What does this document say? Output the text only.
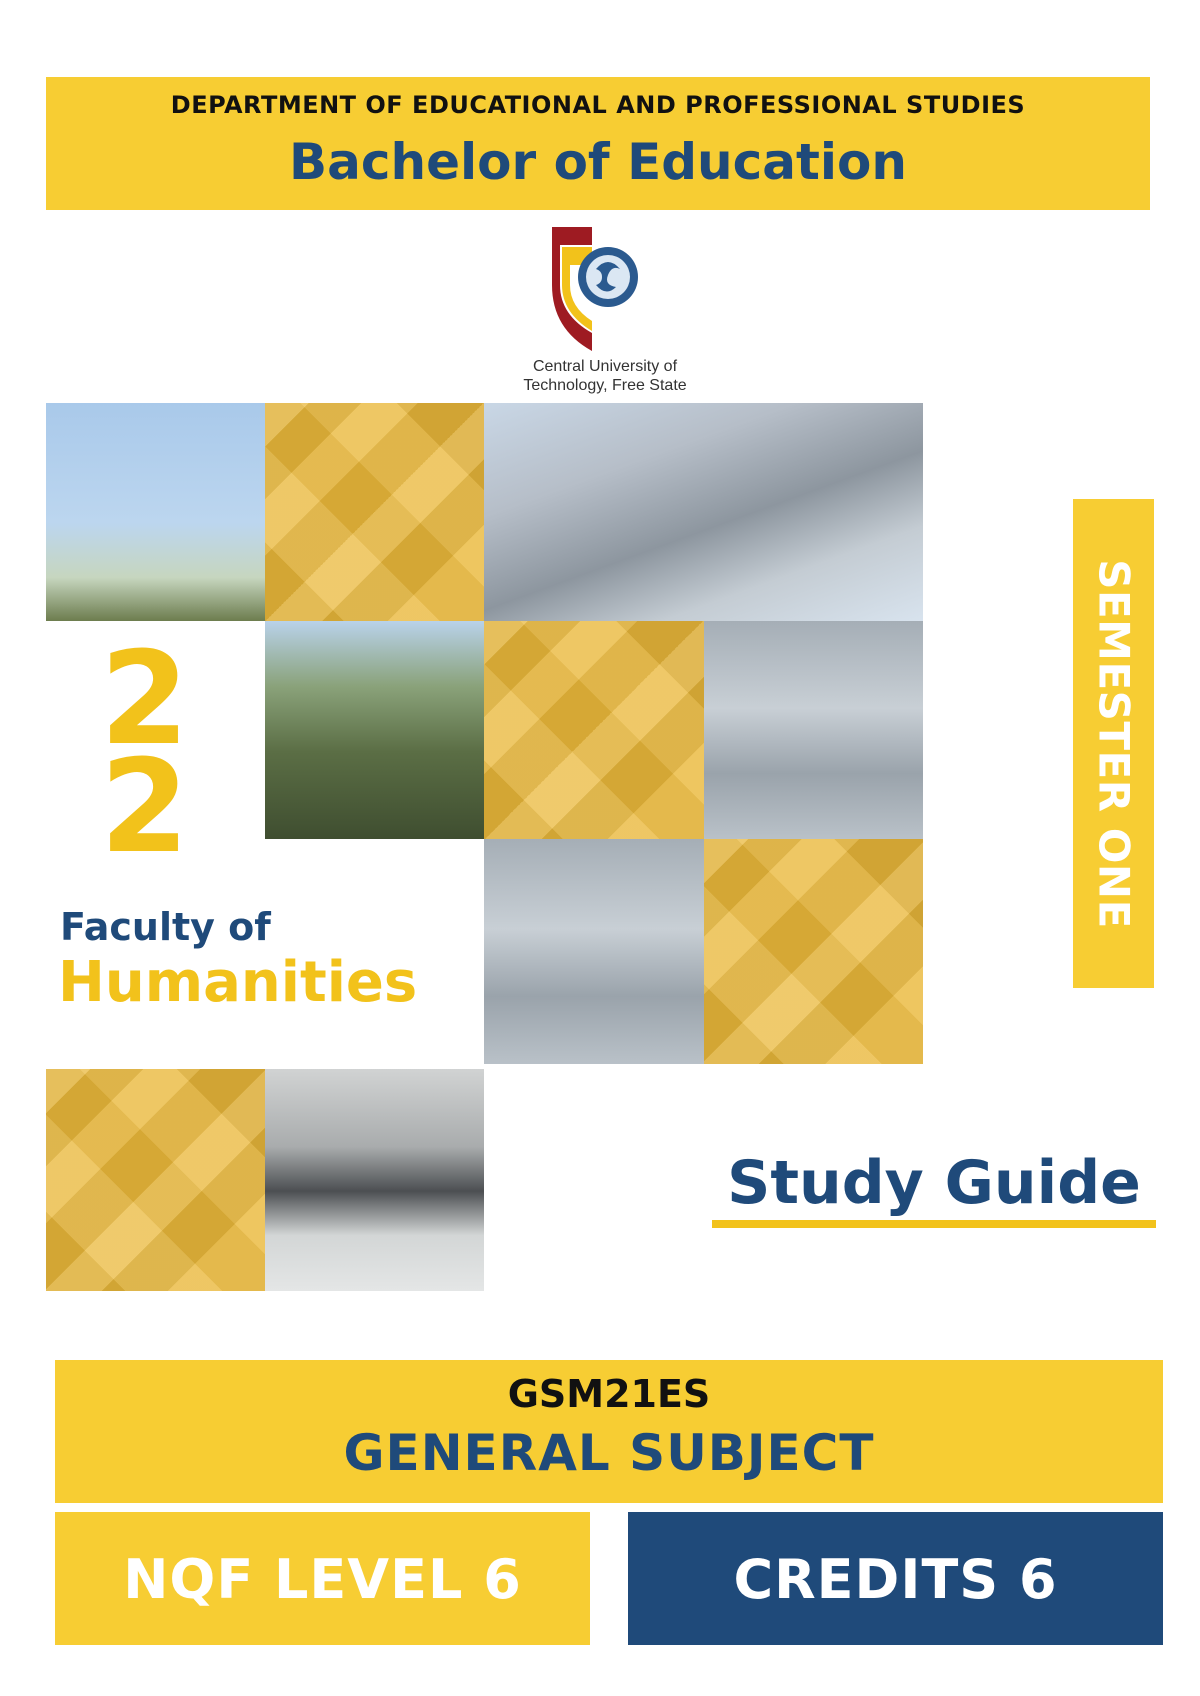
DEPARTMENT OF EDUCATIONAL AND PROFESSIONAL STUDIES
Bachelor of Education
Central University of
Technology, Free State
2
2
Faculty of
Humanities
SEMESTER ONE
Study Guide
GSM21ES
GENERAL SUBJECT
NQF LEVEL 6	CREDITS 6
